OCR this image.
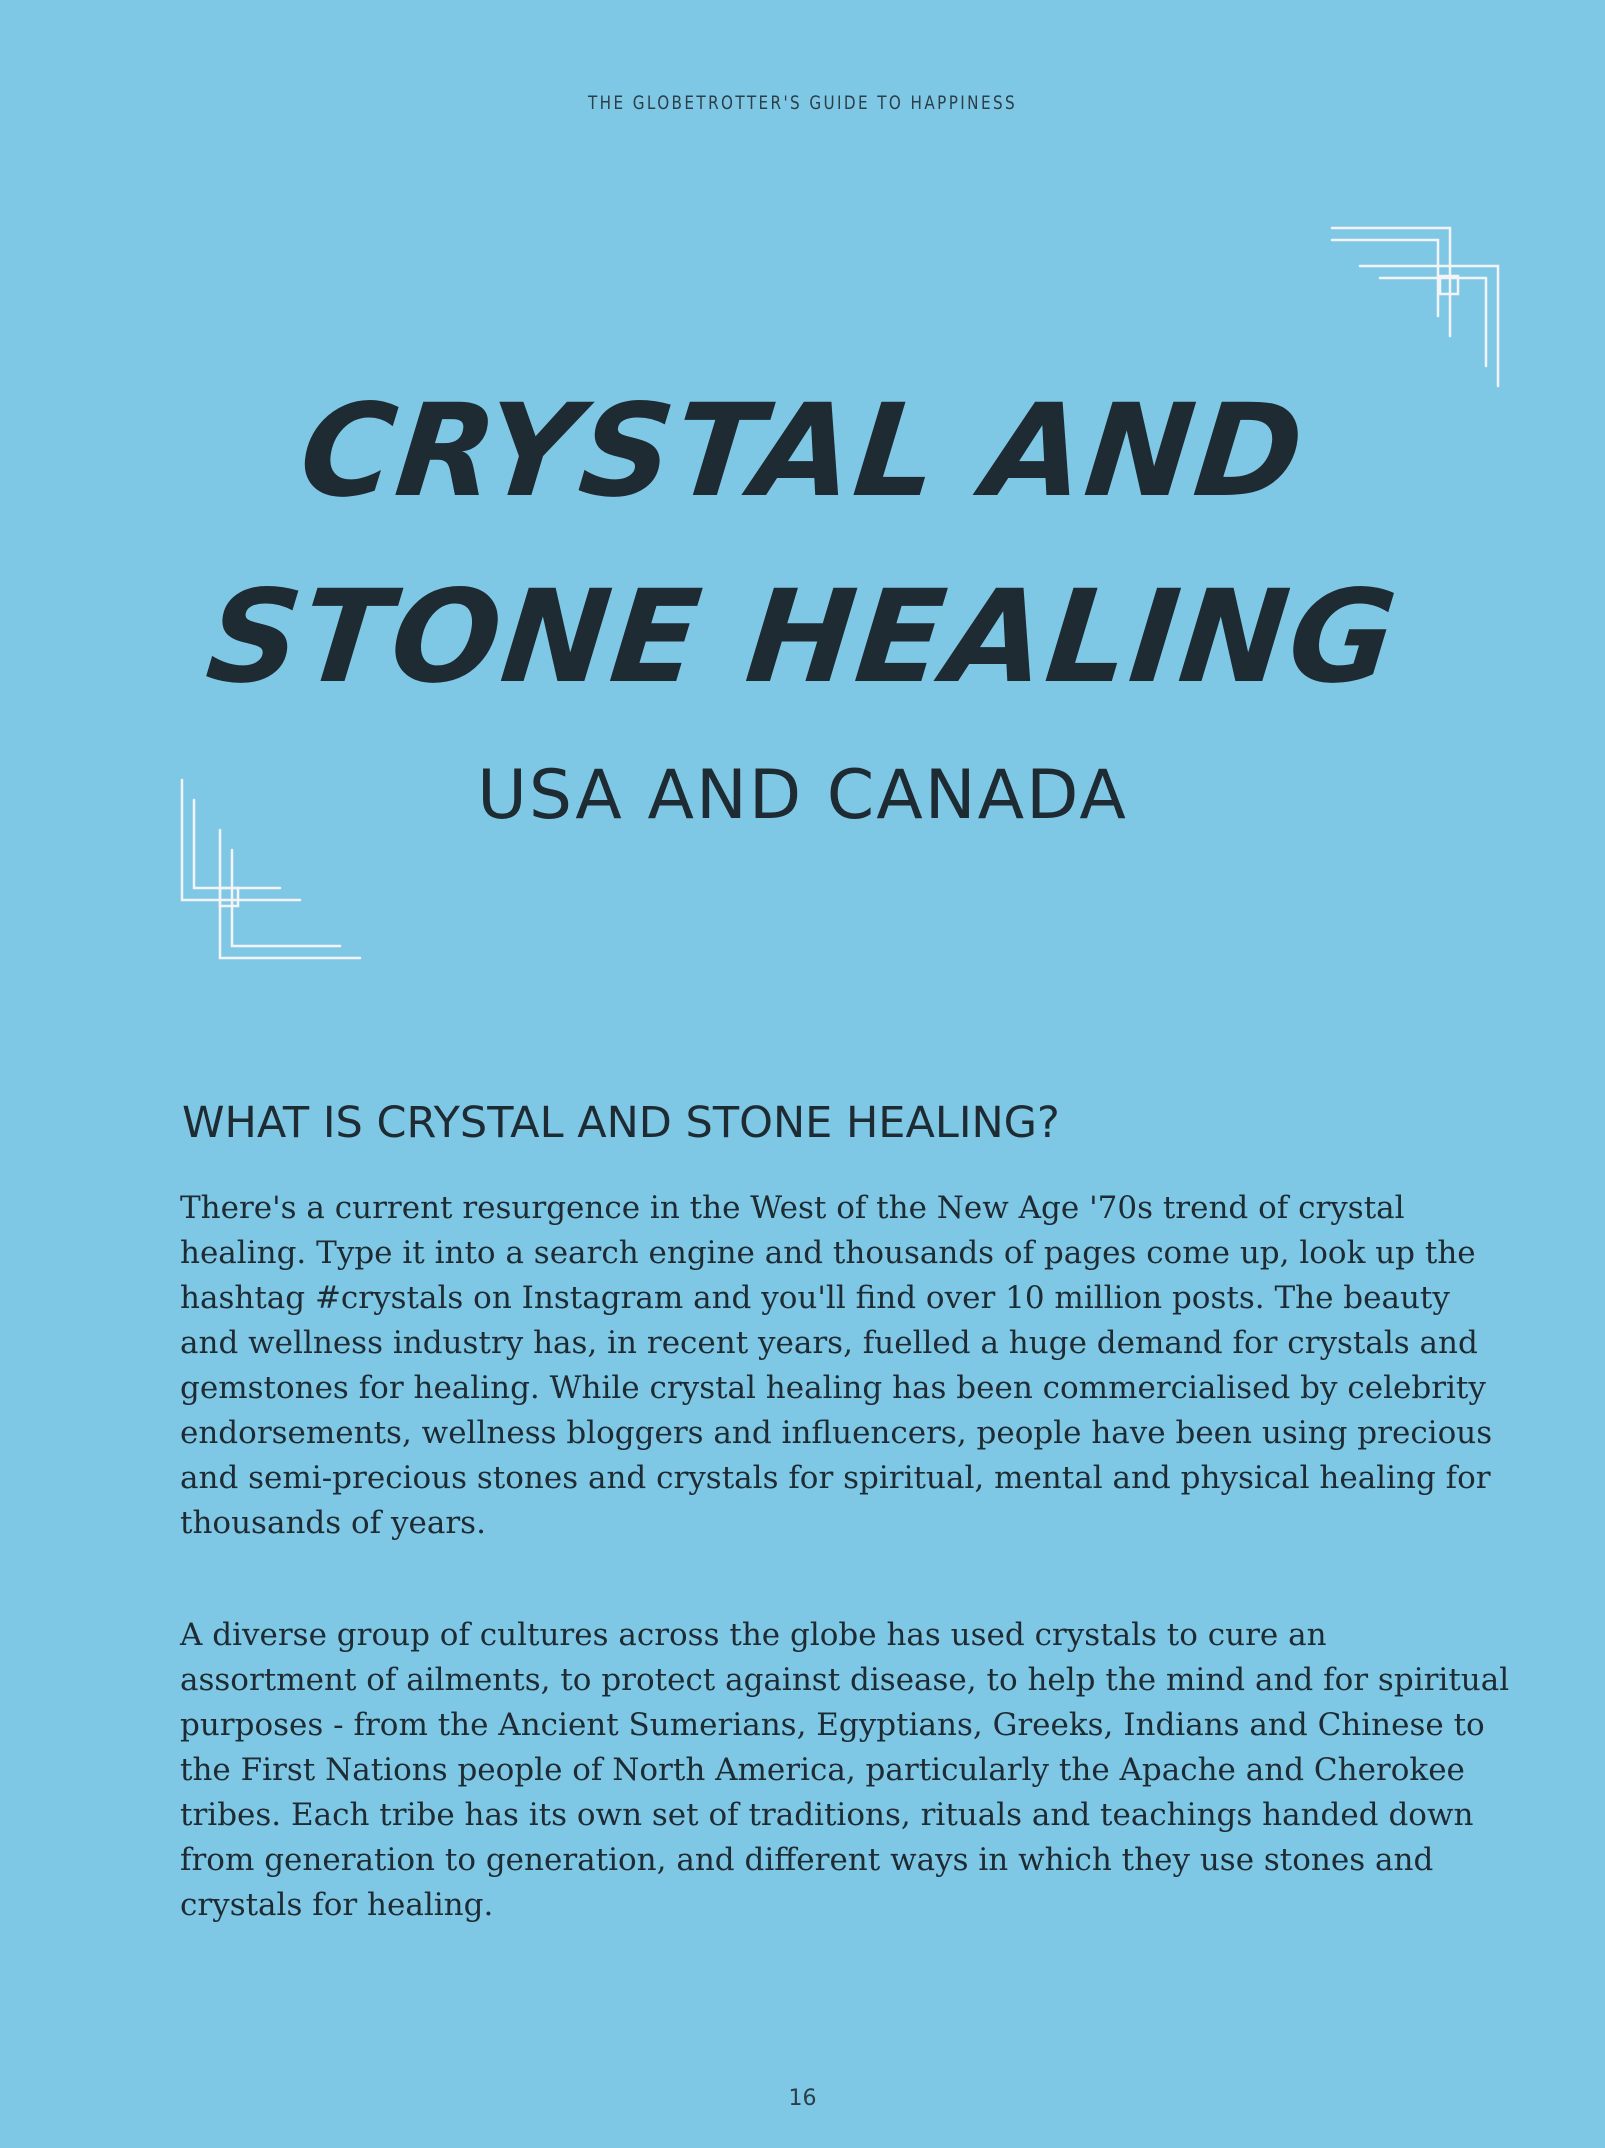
THE GLOBETROTTER'S GUIDE TO HAPPINESS
CRYSTAL AND
STONE HEALING
USA AND CANADA
WHAT IS CRYSTAL AND STONE HEALING?

There's a current resurgence in the West of the New Age '70s trend of crystal healing. Type it into a search engine and thousands of pages come up, look up the hashtag #crystals on Instagram and you'll find over 10 million posts. The beauty and wellness industry has, in recent years, fuelled a huge demand for crystals and gemstones for healing. While crystal healing has been commercialised by celebrity endorsements, wellness bloggers and influencers, people have been using precious and semi-precious stones and crystals for spiritual, mental and physical healing for thousands of years.

A diverse group of cultures across the globe has used crystals to cure an assortment of ailments, to protect against disease, to help the mind and for spiritual purposes - from the Ancient Sumerians, Egyptians, Greeks, Indians and Chinese to the First Nations people of North America, particularly the Apache and Cherokee tribes. Each tribe has its own set of traditions, rituals and teachings handed down from generation to generation, and different ways in which they use stones and crystals for healing.

16
